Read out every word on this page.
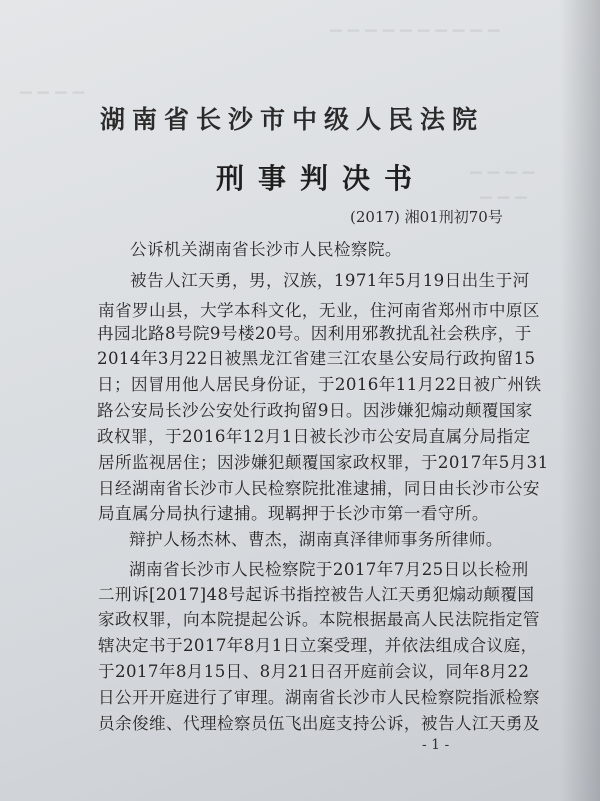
▁▁▁▁▁▁▁▁▁▁
▁▁▁▁
▁▁▁▁
▁▁▁
湖南省长沙市中级人民法院
刑事判决书
(2017) 湘01刑初70号
公诉机关湖南省长沙市人民检察院。
被告人江天勇，男，汉族，1971年5月19日出生于河
南省罗山县，大学本科文化，无业，住河南省郑州市中原区
冉园北路8号院9号楼20号。因利用邪教扰乱社会秩序，于
2014年3月22日被黑龙江省建三江农垦公安局行政拘留15
日；因冒用他人居民身份证，于2016年11月22日被广州铁
路公安局长沙公安处行政拘留9日。因涉嫌犯煽动颠覆国家
政权罪，于2016年12月1日被长沙市公安局直属分局指定
居所监视居住；因涉嫌犯颠覆国家政权罪，于2017年5月31
日经湖南省长沙市人民检察院批准逮捕，同日由长沙市公安
局直属分局执行逮捕。现羁押于长沙市第一看守所。
辩护人杨杰林、曹杰，湖南真泽律师事务所律师。
湖南省长沙市人民检察院于2017年7月25日以长检刑
二刑诉[2017]48号起诉书指控被告人江天勇犯煽动颠覆国
家政权罪，向本院提起公诉。本院根据最高人民法院指定管
辖决定书于2017年8月1日立案受理，并依法组成合议庭，
于2017年8月15日、8月21日召开庭前会议，同年8月22
日公开开庭进行了审理。湖南省长沙市人民检察院指派检察
员余俊维、代理检察员伍飞出庭支持公诉，被告人江天勇及
- 1 -
